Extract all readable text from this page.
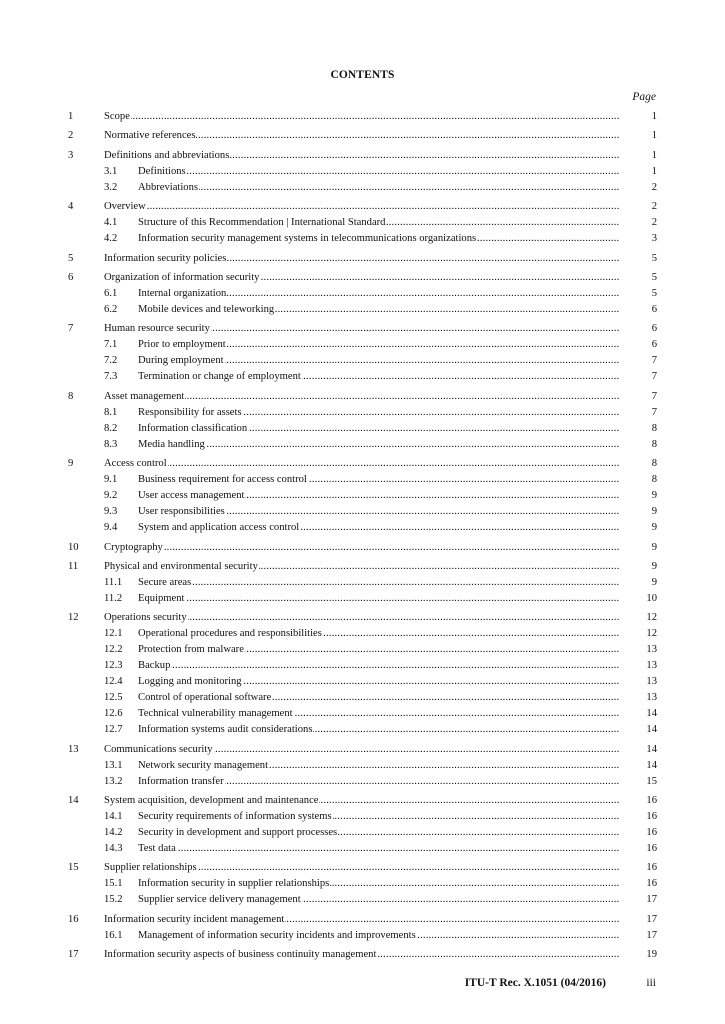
CONTENTS
Page
1	Scope .....	1
2	Normative references .....	1
3	Definitions and abbreviations .....	1
3.1 Definitions .....	1
3.2 Abbreviations .....	2
4	Overview .....	2
4.1 Structure of this Recommendation | International Standard .....	2
4.2 Information security management systems in telecommunications organizations .....	3
5	Information security policies .....	5
6	Organization of information security .....	5
6.1 Internal organization .....	5
6.2 Mobile devices and teleworking .....	6
7	Human resource security .....	6
7.1 Prior to employment .....	6
7.2 During employment .....	7
7.3 Termination or change of employment .....	7
8	Asset management .....	7
8.1 Responsibility for assets .....	7
8.2 Information classification .....	8
8.3 Media handling .....	8
9	Access control .....	8
9.1 Business requirement for access control .....	8
9.2 User access management .....	9
9.3 User responsibilities .....	9
9.4 System and application access control .....	9
10 Cryptography .....	9
11 Physical and environmental security .....	9
11.1 Secure areas .....	9
11.2 Equipment .....	10
12 Operations security .....	12
12.1 Operational procedures and responsibilities .....	12
12.2 Protection from malware .....	13
12.3 Backup .....	13
12.4 Logging and monitoring .....	13
12.5 Control of operational software .....	13
12.6 Technical vulnerability management .....	14
12.7 Information systems audit considerations .....	14
13 Communications security .....	14
13.1 Network security management .....	14
13.2 Information transfer .....	15
14 System acquisition, development and maintenance .....	16
14.1 Security requirements of information systems .....	16
14.2 Security in development and support processes .....	16
14.3 Test data .....	16
15 Supplier relationships .....	16
15.1 Information security in supplier relationships .....	16
15.2 Supplier service delivery management .....	17
16 Information security incident management .....	17
16.1 Management of information security incidents and improvements .....	17
17 Information security aspects of business continuity management .....	19
ITU-T Rec. X.1051 (04/2016)	iii
